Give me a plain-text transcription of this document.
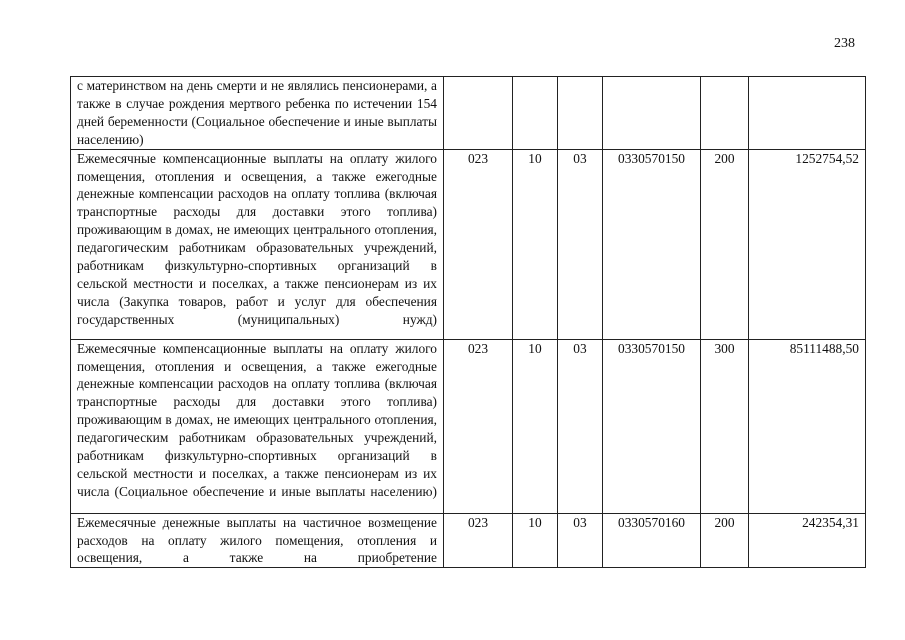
238
с материнством на день смерти и не являлись пенсионерами, а также в случае рождения мертвого ребенка по истечении 154 дней беременности (Социальное обеспечение и иные выплаты населению)						
Ежемесячные компенсационные выплаты на оплату жилого помещения, отопления и освещения, а также ежегодные денежные компенсации расходов на оплату топлива (включая транспортные расходы для доставки этого топлива) проживающим в домах, не имеющих центрального отопления, педагогическим работникам образовательных учреждений, работникам физкультурно-спортивных организаций в сельской местности и поселках, а также пенсионерам из их числа (Закупка товаров, работ и услуг для обеспечения государственных (муниципальных) нужд)	023	10	03	0330570150	200	1252754,52
Ежемесячные компенсационные выплаты на оплату жилого помещения, отопления и освещения, а также ежегодные денежные компенсации расходов на оплату топлива (включая транспортные расходы для доставки этого топлива) проживающим в домах, не имеющих центрального отопления, педагогическим работникам образовательных учреждений, работникам физкультурно-спортивных организаций в сельской местности и поселках, а также пенсионерам из их числа (Социальное обеспечение и иные выплаты населению)	023	10	03	0330570150	300	85111488,50
Ежемесячные денежные выплаты на частичное возмещение расходов на оплату жилого помещения, отопления и освещения, а также на приобретение	023	10	03	0330570160	200	242354,31
